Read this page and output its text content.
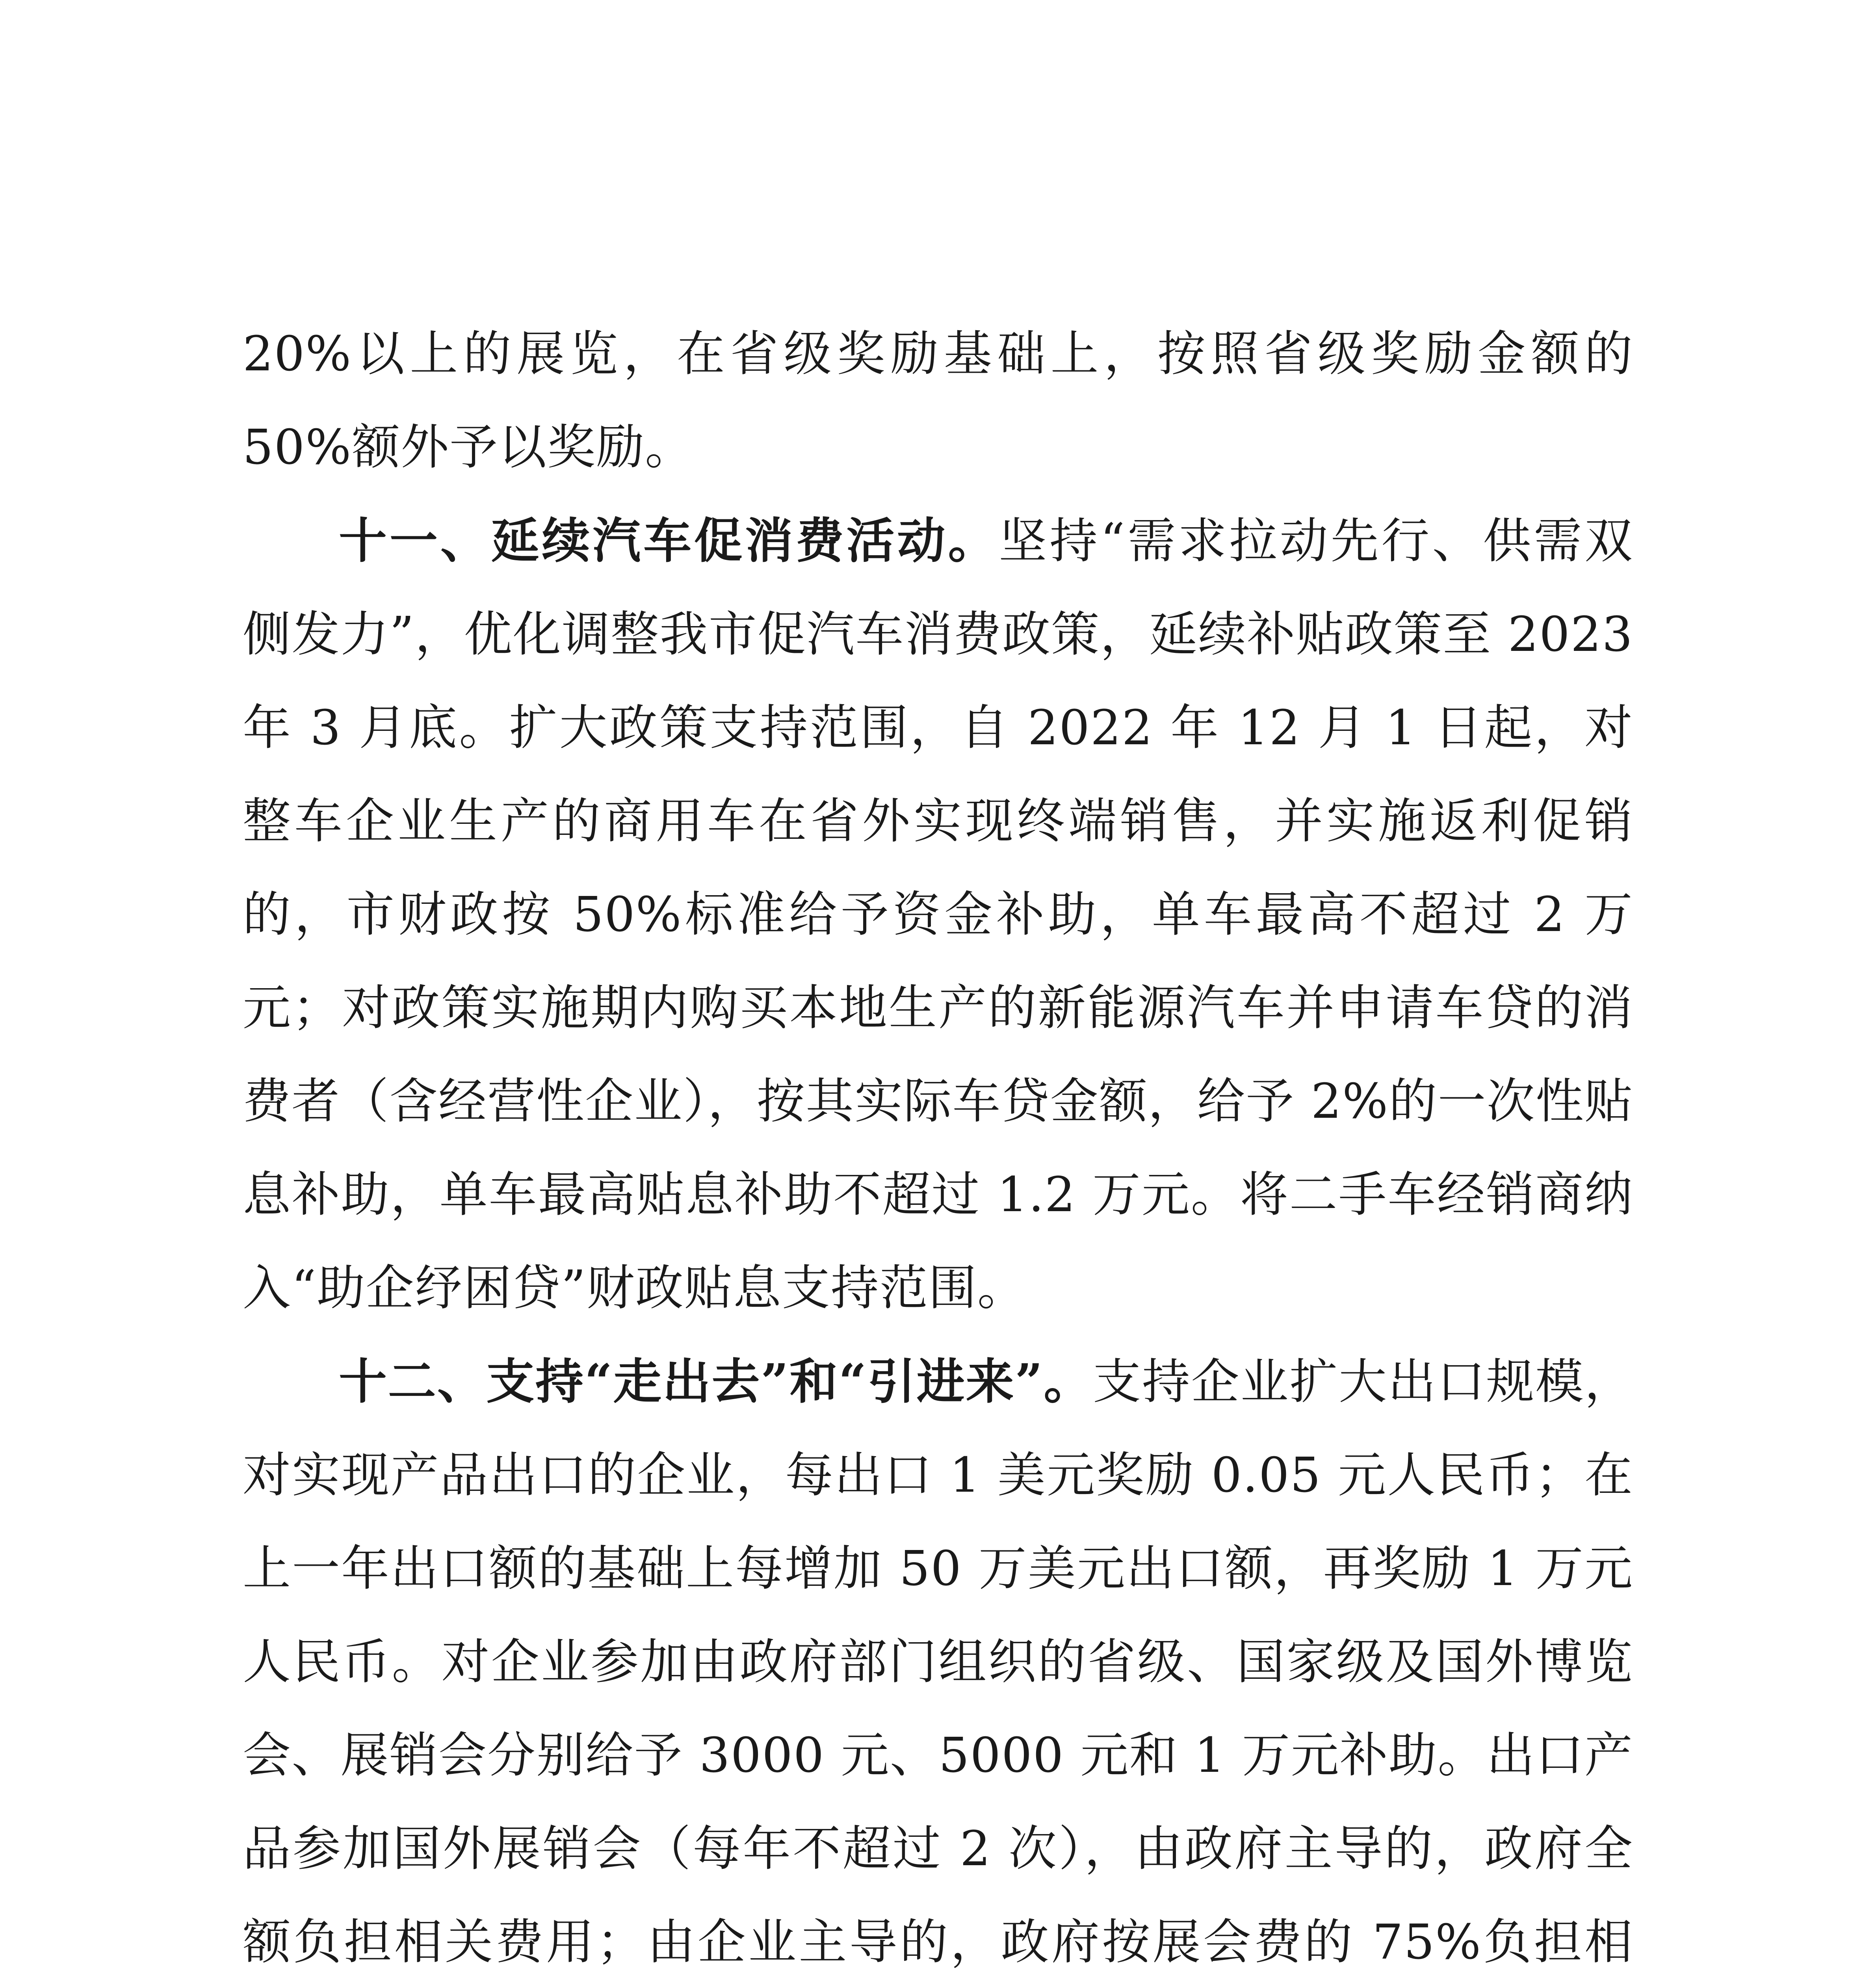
20%以上的展览，在省级奖励基础上，按照省级奖励金额的 50%额外予以奖励。

十一、延续汽车促消费活动。坚持“需求拉动先行、供需双侧发力”，优化调整我市促汽车消费政策，延续补贴政策至 2023 年 3 月底。扩大政策支持范围，自 2022 年 12 月 1 日起，对整车企业生产的商用车在省外实现终端销售，并实施返利促销的，市财政按 50%标准给予资金补助，单车最高不超过 2 万元；对政策实施期内购买本地生产的新能源汽车并申请车贷的消费者（含经营性企业），按其实际车贷金额，给予 2%的一次性贴息补助，单车最高贴息补助不超过 1.2 万元。将二手车经销商纳入“助企纾困贷”财政贴息支持范围。

十二、支持“走出去”和“引进来”。支持企业扩大出口规模，对实现产品出口的企业，每出口 1 美元奖励 0.05 元人民币；在上一年出口额的基础上每增加 50 万美元出口额，再奖励 1 万元人民币。对企业参加由政府部门组织的省级、国家级及国外博览会、展销会分别给予 3000 元、5000 元和 1 万元补助。出口产品参加国外展销会（每年不超过 2 次），由政府主导的，政府全额负担相关费用；由企业主导的，政府按展会费的 75%负担相
